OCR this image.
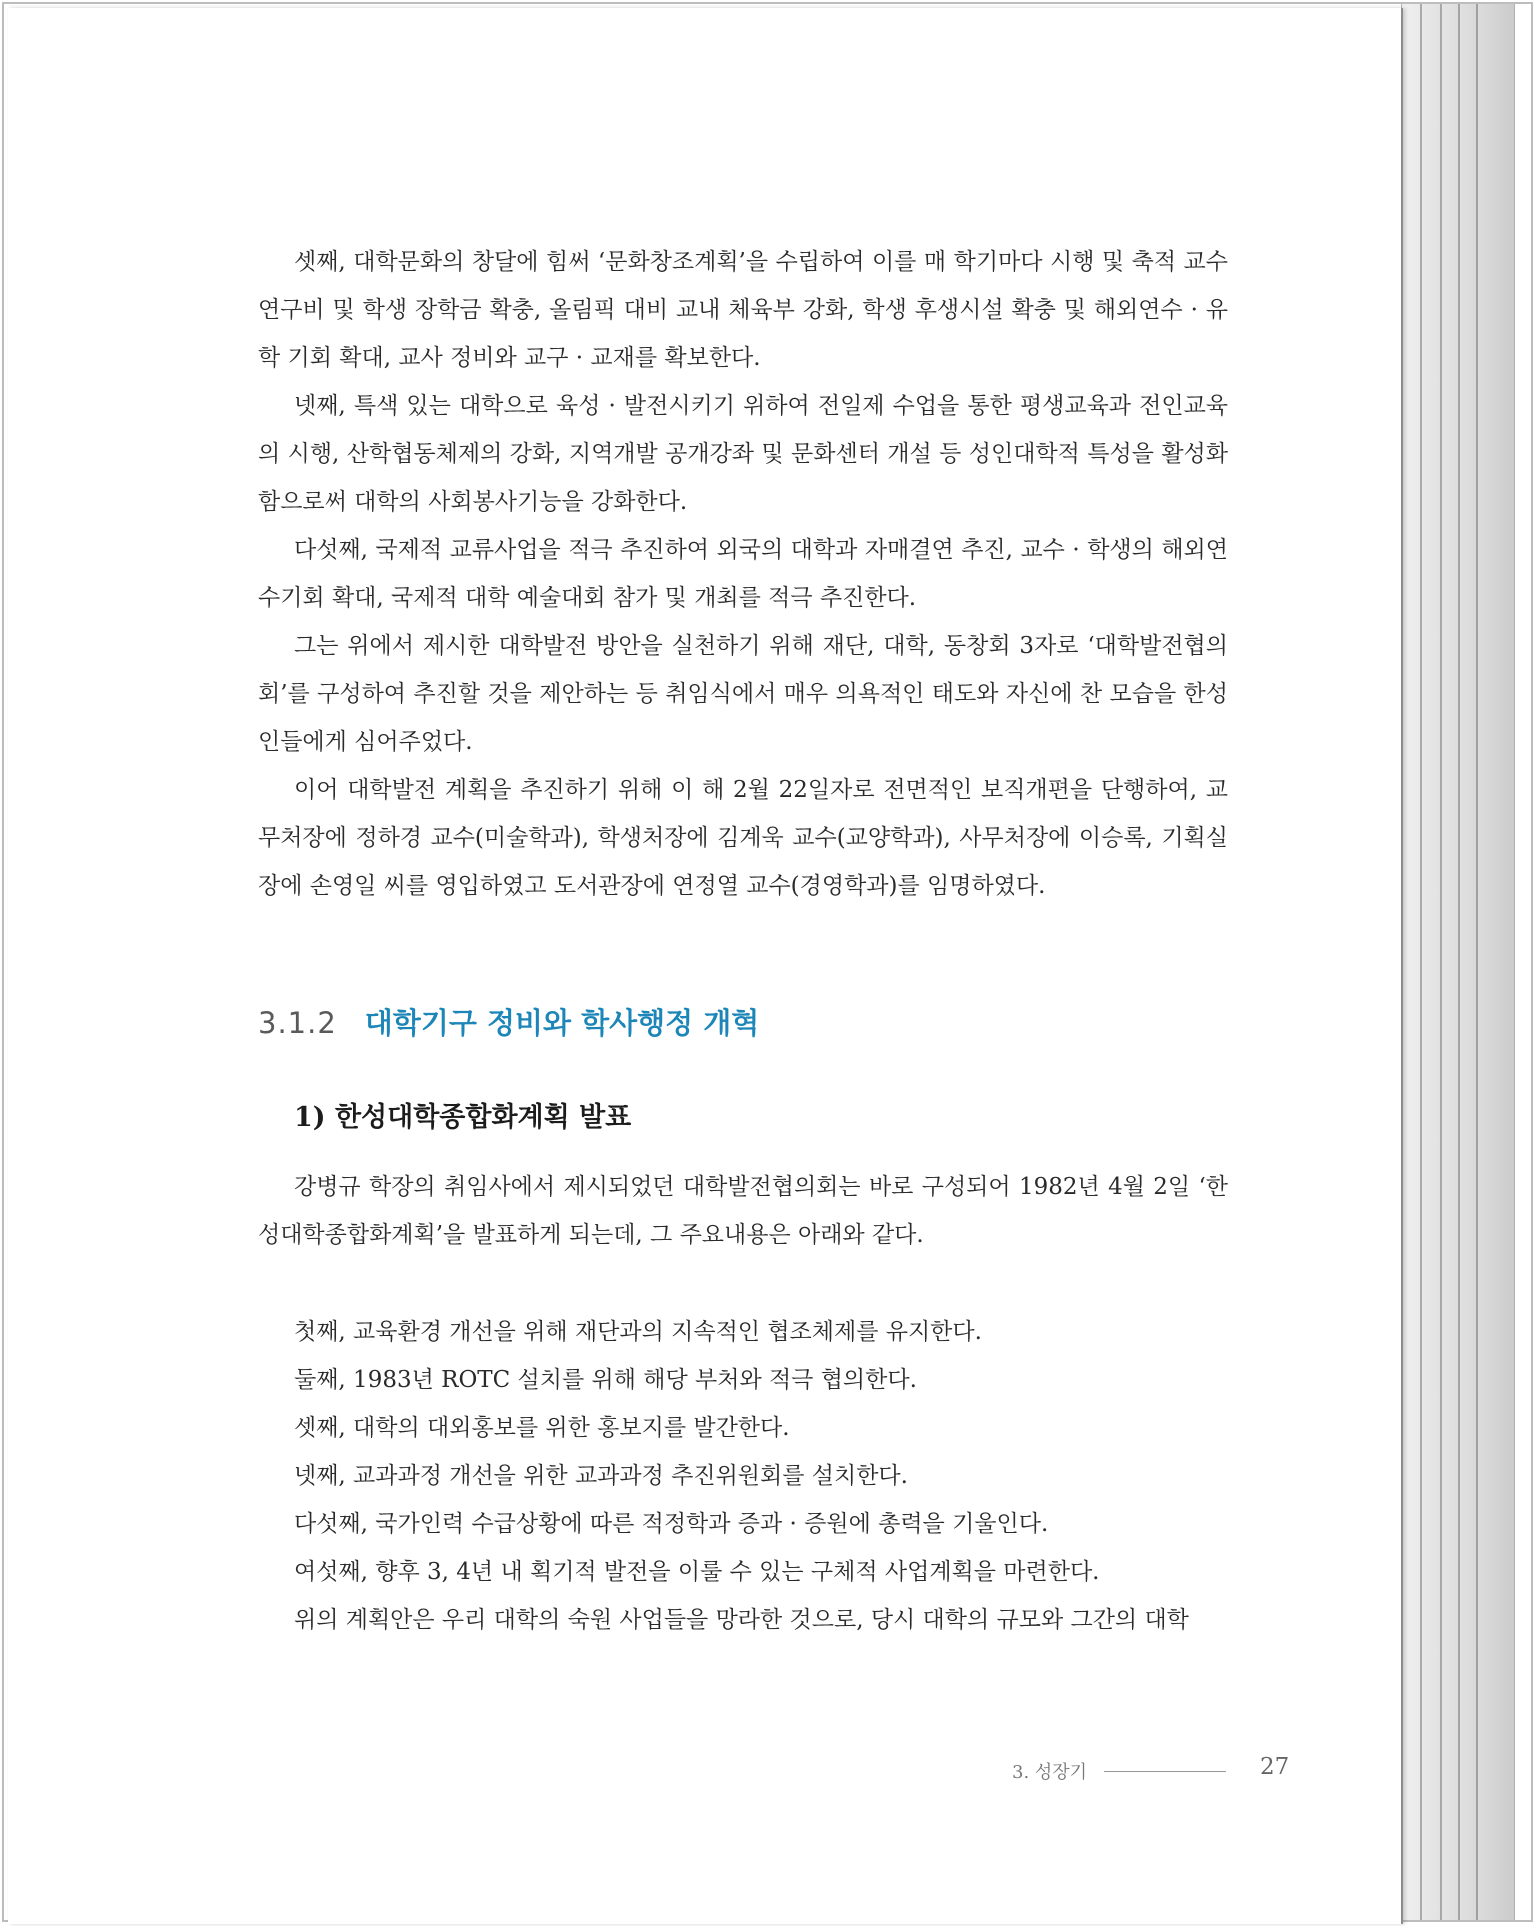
셋째, 대학문화의 창달에 힘써 ‘문화창조계획’을 수립하여 이를 매 학기마다 시행 및 축적 교수 연구비 및 학생 장학금 확충, 올림픽 대비 교내 체육부 강화, 학생 후생시설 확충 및 해외연수 · 유학 기회 확대, 교사 정비와 교구 · 교재를 확보한다.

넷째, 특색 있는 대학으로 육성 · 발전시키기 위하여 전일제 수업을 통한 평생교육과 전인교육의 시행, 산학협동체제의 강화, 지역개발 공개강좌 및 문화센터 개설 등 성인대학적 특성을 활성화함으로써 대학의 사회봉사기능을 강화한다.

다섯째, 국제적 교류사업을 적극 추진하여 외국의 대학과 자매결연 추진, 교수 · 학생의 해외연수기회 확대, 국제적 대학 예술대회 참가 및 개최를 적극 추진한다.

그는 위에서 제시한 대학발전 방안을 실천하기 위해 재단, 대학, 동창회 3자로 ‘대학발전협의회’를 구성하여 추진할 것을 제안하는 등 취임식에서 매우 의욕적인 태도와 자신에 찬 모습을 한성인들에게 심어주었다.

이어 대학발전 계획을 추진하기 위해 이 해 2월 22일자로 전면적인 보직개편을 단행하여, 교무처장에 정하경 교수(미술학과), 학생처장에 김계욱 교수(교양학과), 사무처장에 이승록, 기획실장에 손영일 씨를 영입하였고 도서관장에 연정열 교수(경영학과)를 임명하였다.

3.1.2 대학기구 정비와 학사행정 개혁
1) 한성대학종합화계획 발표

강병규 학장의 취임사에서 제시되었던 대학발전협의회는 바로 구성되어 1982년 4월 2일 ‘한성대학종합화계획’을 발표하게 되는데, 그 주요내용은 아래와 같다.

첫째, 교육환경 개선을 위해 재단과의 지속적인 협조체제를 유지한다.

둘째, 1983년 ROTC 설치를 위해 해당 부처와 적극 협의한다.

셋째, 대학의 대외홍보를 위한 홍보지를 발간한다.

넷째, 교과과정 개선을 위한 교과과정 추진위원회를 설치한다.

다섯째, 국가인력 수급상황에 따른 적정학과 증과 · 증원에 총력을 기울인다.

여섯째, 향후 3, 4년 내 획기적 발전을 이룰 수 있는 구체적 사업계획을 마련한다.

위의 계획안은 우리 대학의 숙원 사업들을 망라한 것으로, 당시 대학의 규모와 그간의 대학

3. 성장기	27
